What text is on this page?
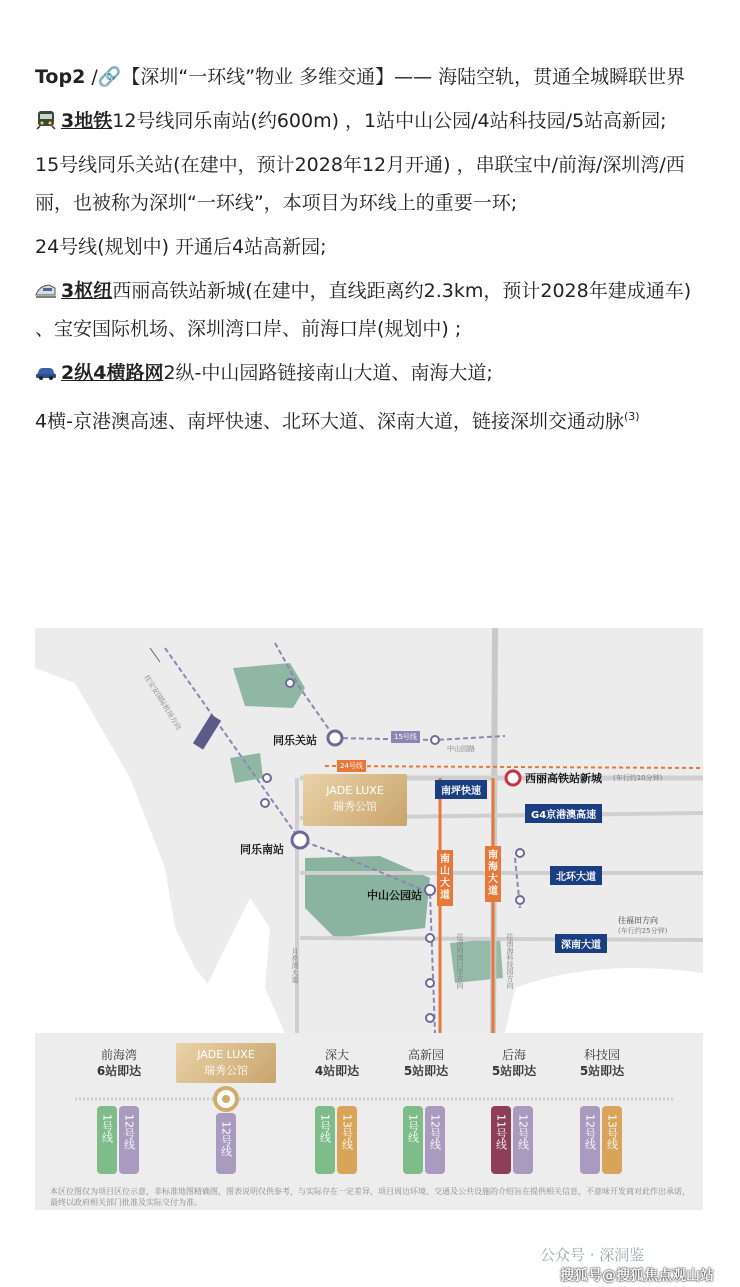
Top2 /🔗【深圳“一环线”物业 多维交通】—— 海陆空轨，贯通全城瞬联世界

3地铁12号线同乐南站(约600m) ，1站中山公园/4站科技园/5站高新园;

15号线同乐关站(在建中，预计2028年12月开通) ，串联宝中/前海/深圳湾/西丽，也被称为深圳“一环线”，本项目为环线上的重要一环;

24号线(规划中) 开通后4站高新园;

3枢纽西丽高铁站新城(在建中，直线距离约2.3km，预计2028年建成通车) 、宝安国际机场、深圳湾口岸、前海口岸(规划中) ;

2纵4横路网2纵-中山园路链接南山大道、南海大道;

4横-京港澳高速、南坪快速、北环大道、深南大道，链接深圳交通动脉$^{(3)}$

JADE LUXE
瑞秀公馆
同乐关站
同乐南站
中山公园站
西丽高铁站新城 (车行约10分钟)
15号线
24号线
中山园路
南坪快速
G4京港澳高速
北环大道
深南大道
南山大道
南海大道
往福田方向
(车行约25分钟)
往宝安国际机场方向
往深圳湾口岸方向	往南海科技园方向
月亮湾大道
JADE LUXE
瑞秀公馆
前海湾
6站即达
深大
4站即达
高新园
5站即达
后海
5站即达
科技园
5站即达
1号线 12号线	12号线	1号线 13号线	1号线 12号线	11号线 12号线	12号线 13号线
本区位图仅为项目区位示意，非标准地图精确图，图表说明仅供参考，与实际存在一定差异，项目周边环境、交通及公共设施的介绍旨在提供相关信息，不意味开发商对此作出承诺，最终以政府相关部门批准及实际交付为准。
公众号 · 深洞鉴
搜狐号@搜狐焦点观山站
